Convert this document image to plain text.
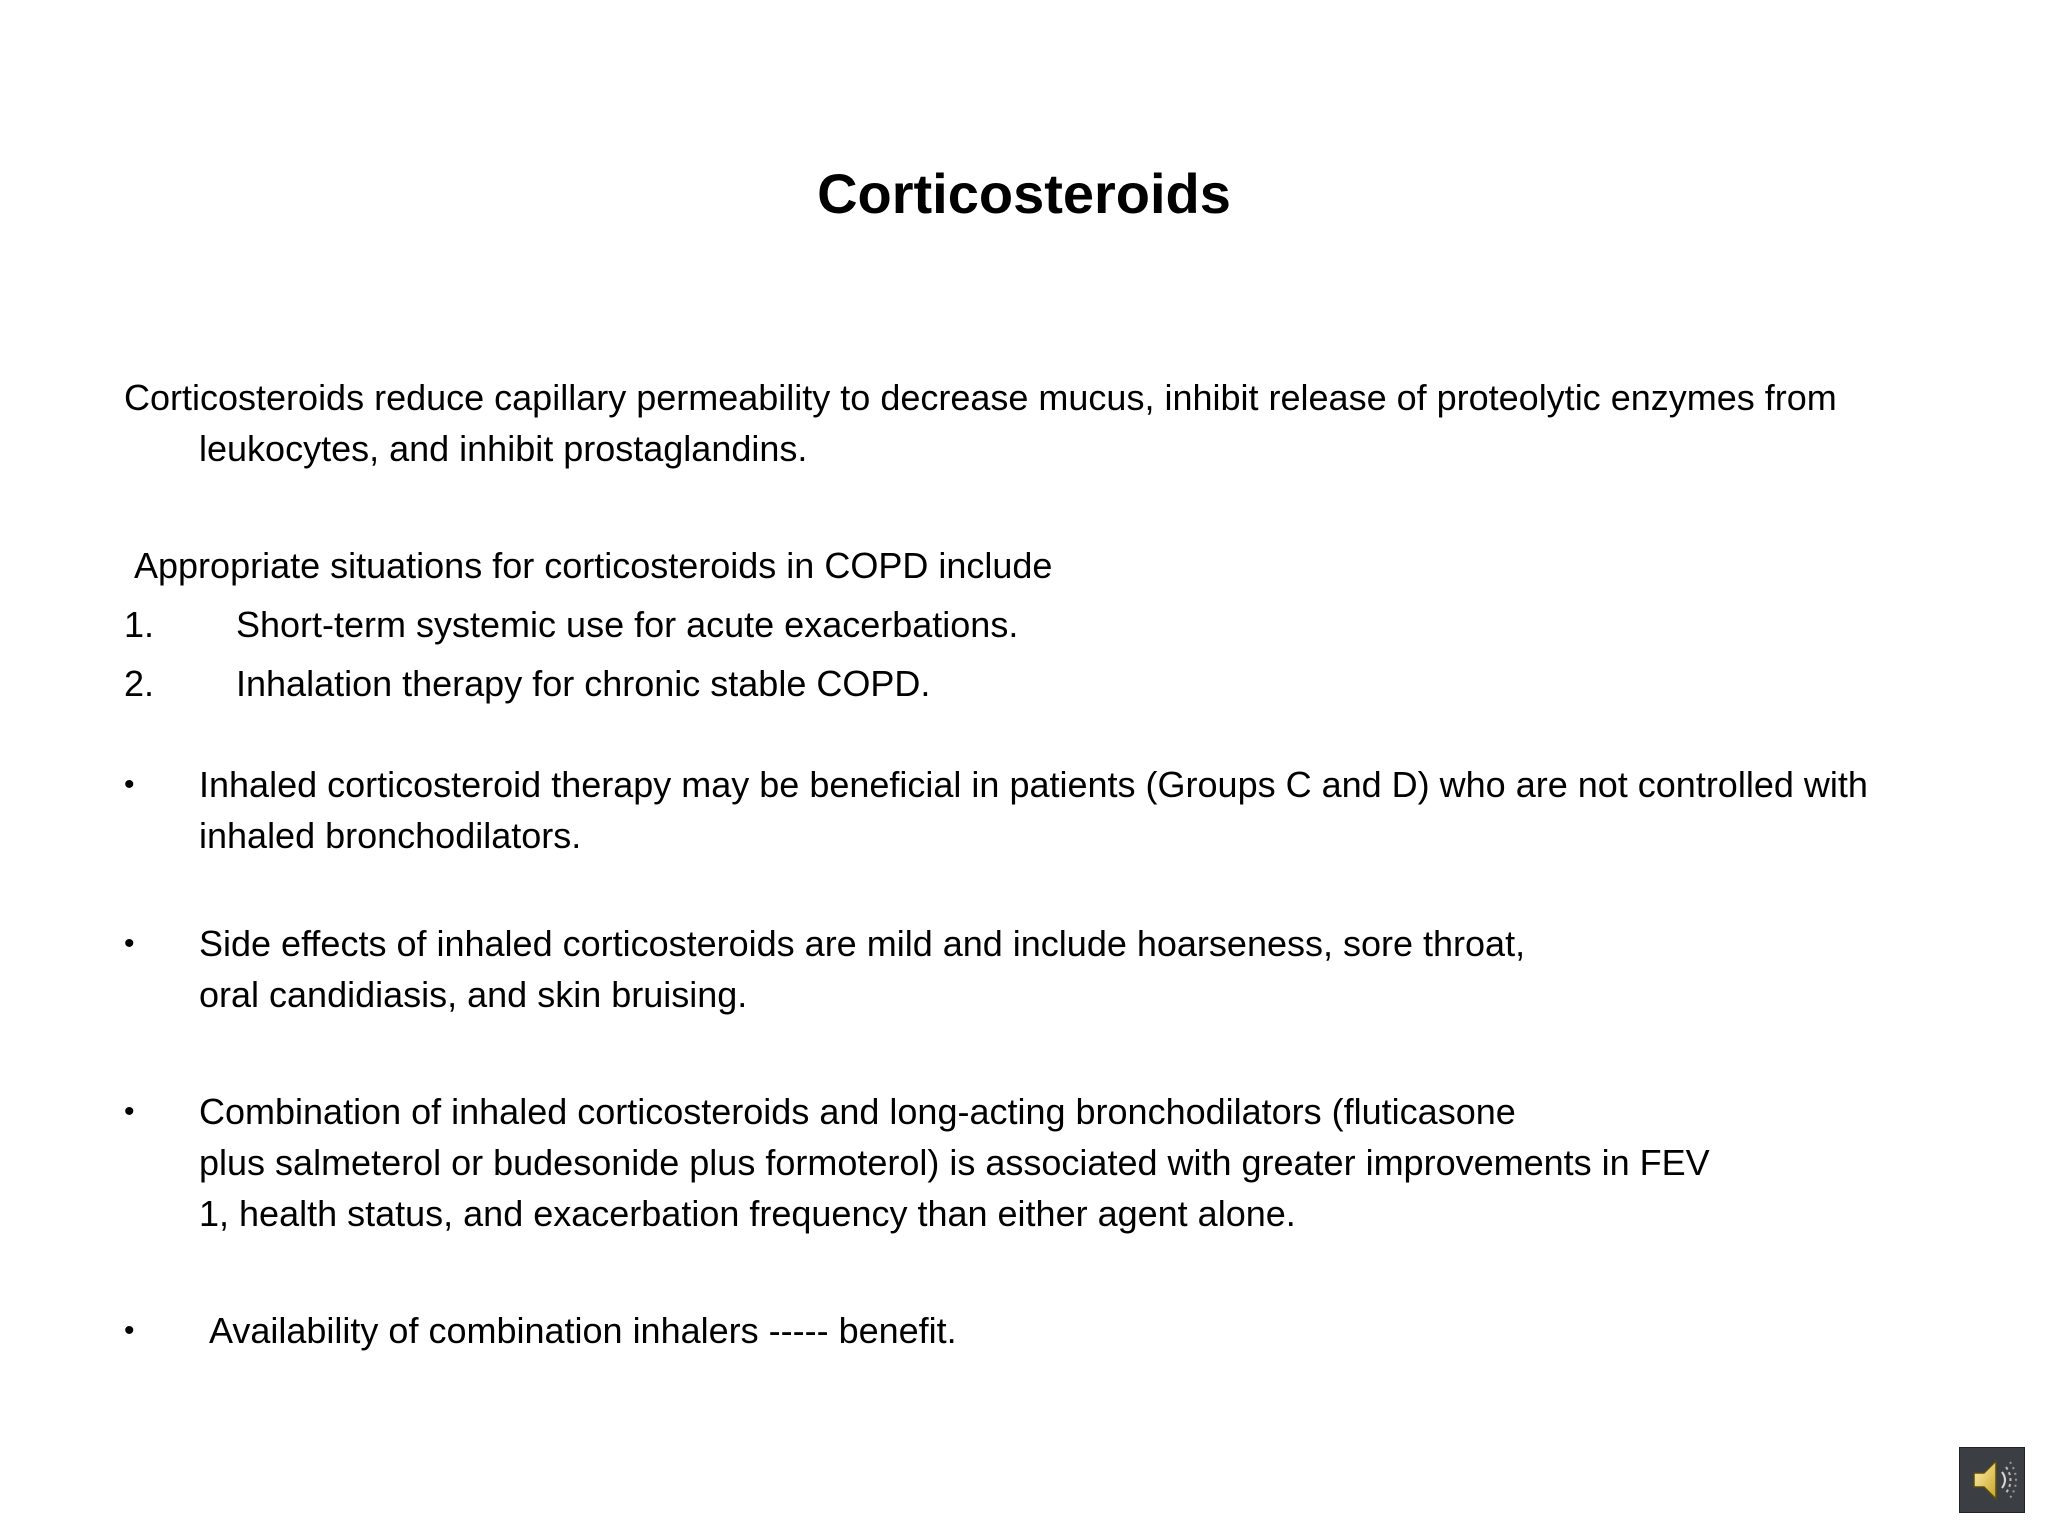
Corticosteroids

Corticosteroids reduce capillary permeability to decrease mucus, inhibit release of proteolytic enzymes from leukocytes, and inhibit prostaglandins.

Appropriate situations for corticosteroids in COPD include

1.	Short-term systemic use for acute exacerbations.
2.	Inhalation therapy for chronic stable COPD.
•	Inhaled corticosteroid therapy may be beneficial in patients (Groups C and D) who are not controlled with inhaled bronchodilators.
•	Side effects of inhaled corticosteroids are mild and include hoarseness, sore throat,
oral candidiasis, and skin bruising.
•	Combination of inhaled corticosteroids and long-acting bronchodilators (fluticasone
plus salmeterol or budesonide plus formoterol) is associated with greater improvements in FEV
1, health status, and exacerbation frequency than either agent alone.
•	Availability of combination inhalers ----- benefit.
